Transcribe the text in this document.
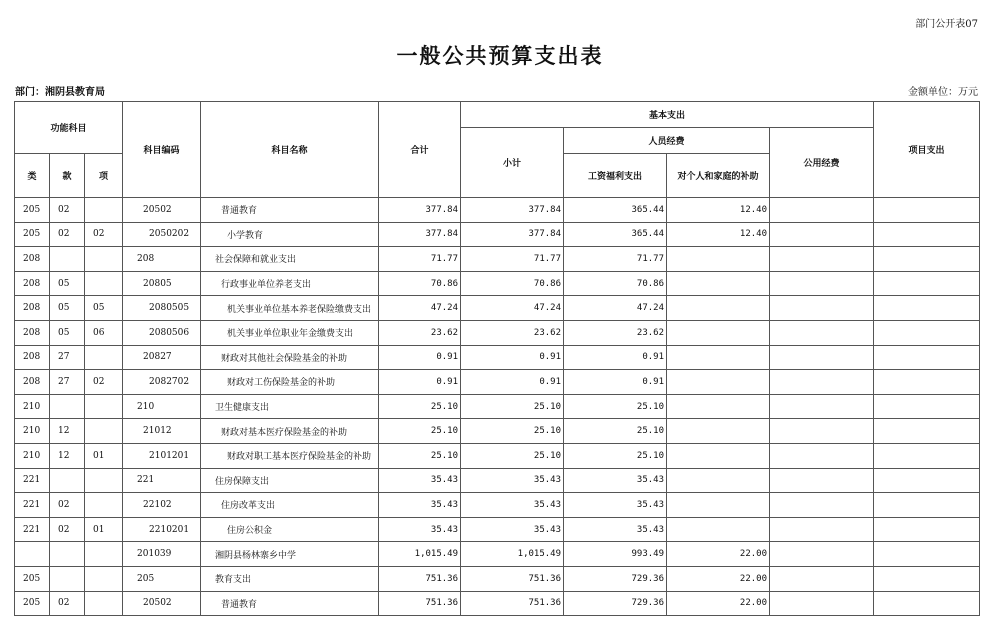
部门公开表07
一般公共预算支出表
部门：湘阴县教育局	金额单位：万元
功能科目			科目编码	科目名称	合计	基本支出				项目支出
						小计	人员经费		公用经费	
类	款	项					工资福利支出	对个人和家庭的补助		
205	02		20502	普通教育	377.84	377.84	365.44	12.40		
205	02	02	2050202	小学教育	377.84	377.84	365.44	12.40		
208			208	社会保障和就业支出	71.77	71.77	71.77			
208	05		20805	行政事业单位养老支出	70.86	70.86	70.86			
208	05	05	2080505	机关事业单位基本养老保险缴费支出	47.24	47.24	47.24			
208	05	06	2080506	机关事业单位职业年金缴费支出	23.62	23.62	23.62			
208	27		20827	财政对其他社会保险基金的补助	0.91	0.91	0.91			
208	27	02	2082702	财政对工伤保险基金的补助	0.91	0.91	0.91			
210			210	卫生健康支出	25.10	25.10	25.10			
210	12		21012	财政对基本医疗保险基金的补助	25.10	25.10	25.10			
210	12	01	2101201	财政对职工基本医疗保险基金的补助	25.10	25.10	25.10			
221			221	住房保障支出	35.43	35.43	35.43			
221	02		22102	住房改革支出	35.43	35.43	35.43			
221	02	01	2210201	住房公积金	35.43	35.43	35.43			
			201039	湘阴县杨林寨乡中学	1,015.49	1,015.49	993.49	22.00		
205			205	教育支出	751.36	751.36	729.36	22.00		
205	02		20502	普通教育	751.36	751.36	729.36	22.00		
